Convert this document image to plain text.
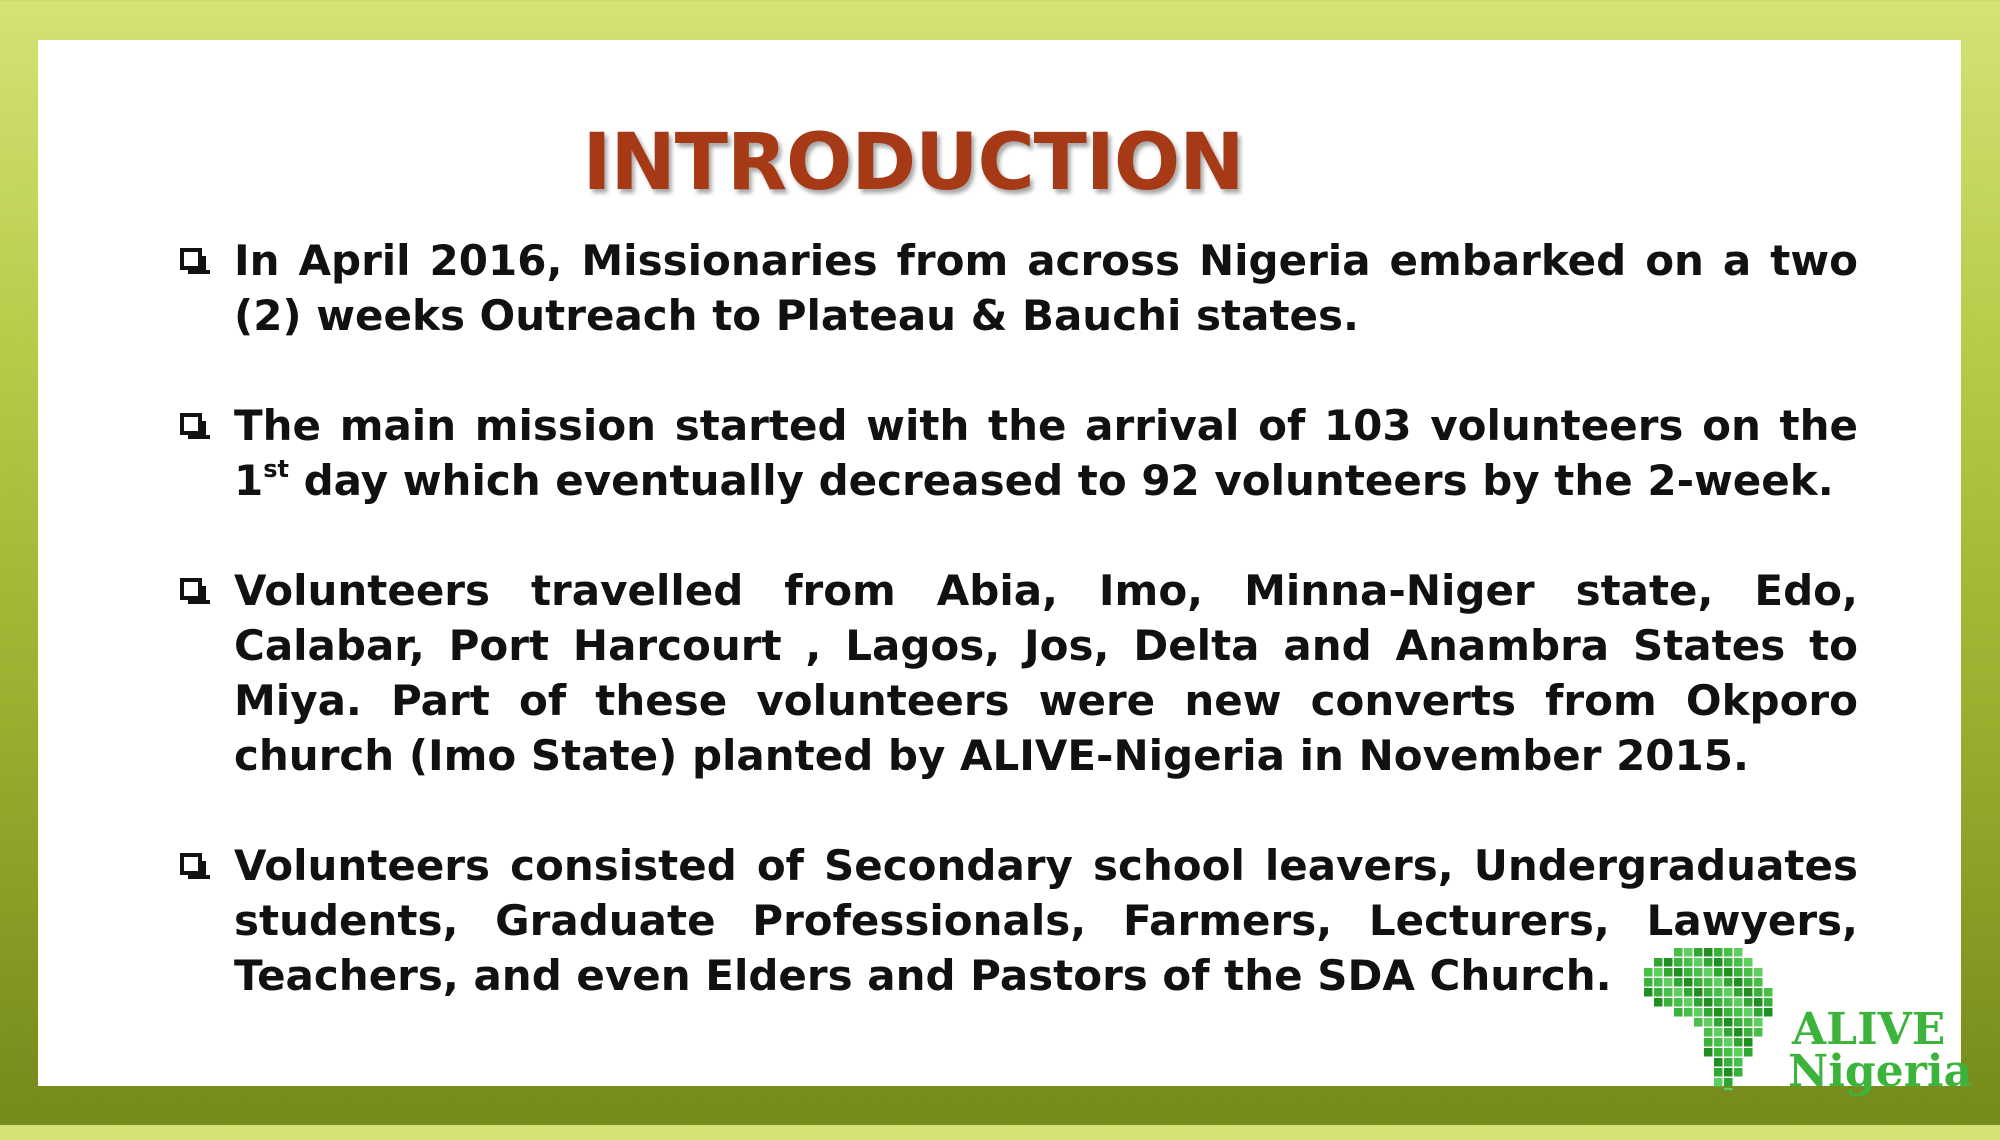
INTRODUCTION
In April 2016, Missionaries from across Nigeria embarked on a two (2) weeks Outreach to Plateau & Bauchi states.
The main mission started with the arrival of 103 volunteers on the 1st day which eventually decreased to 92 volunteers by the 2-week.
Volunteers travelled from Abia, Imo, Minna-Niger state, Edo, Calabar, Port Harcourt , Lagos, Jos, Delta and Anambra States to Miya. Part of these volunteers were new converts from Okporo church (Imo State) planted by ALIVE-Nigeria in November 2015.
Volunteers consisted of Secondary school leavers, Undergraduates students, Graduate Professionals, Farmers, Lecturers, Lawyers, Teachers, and even Elders and Pastors of the SDA Church.
ALIVE
Nigeria
